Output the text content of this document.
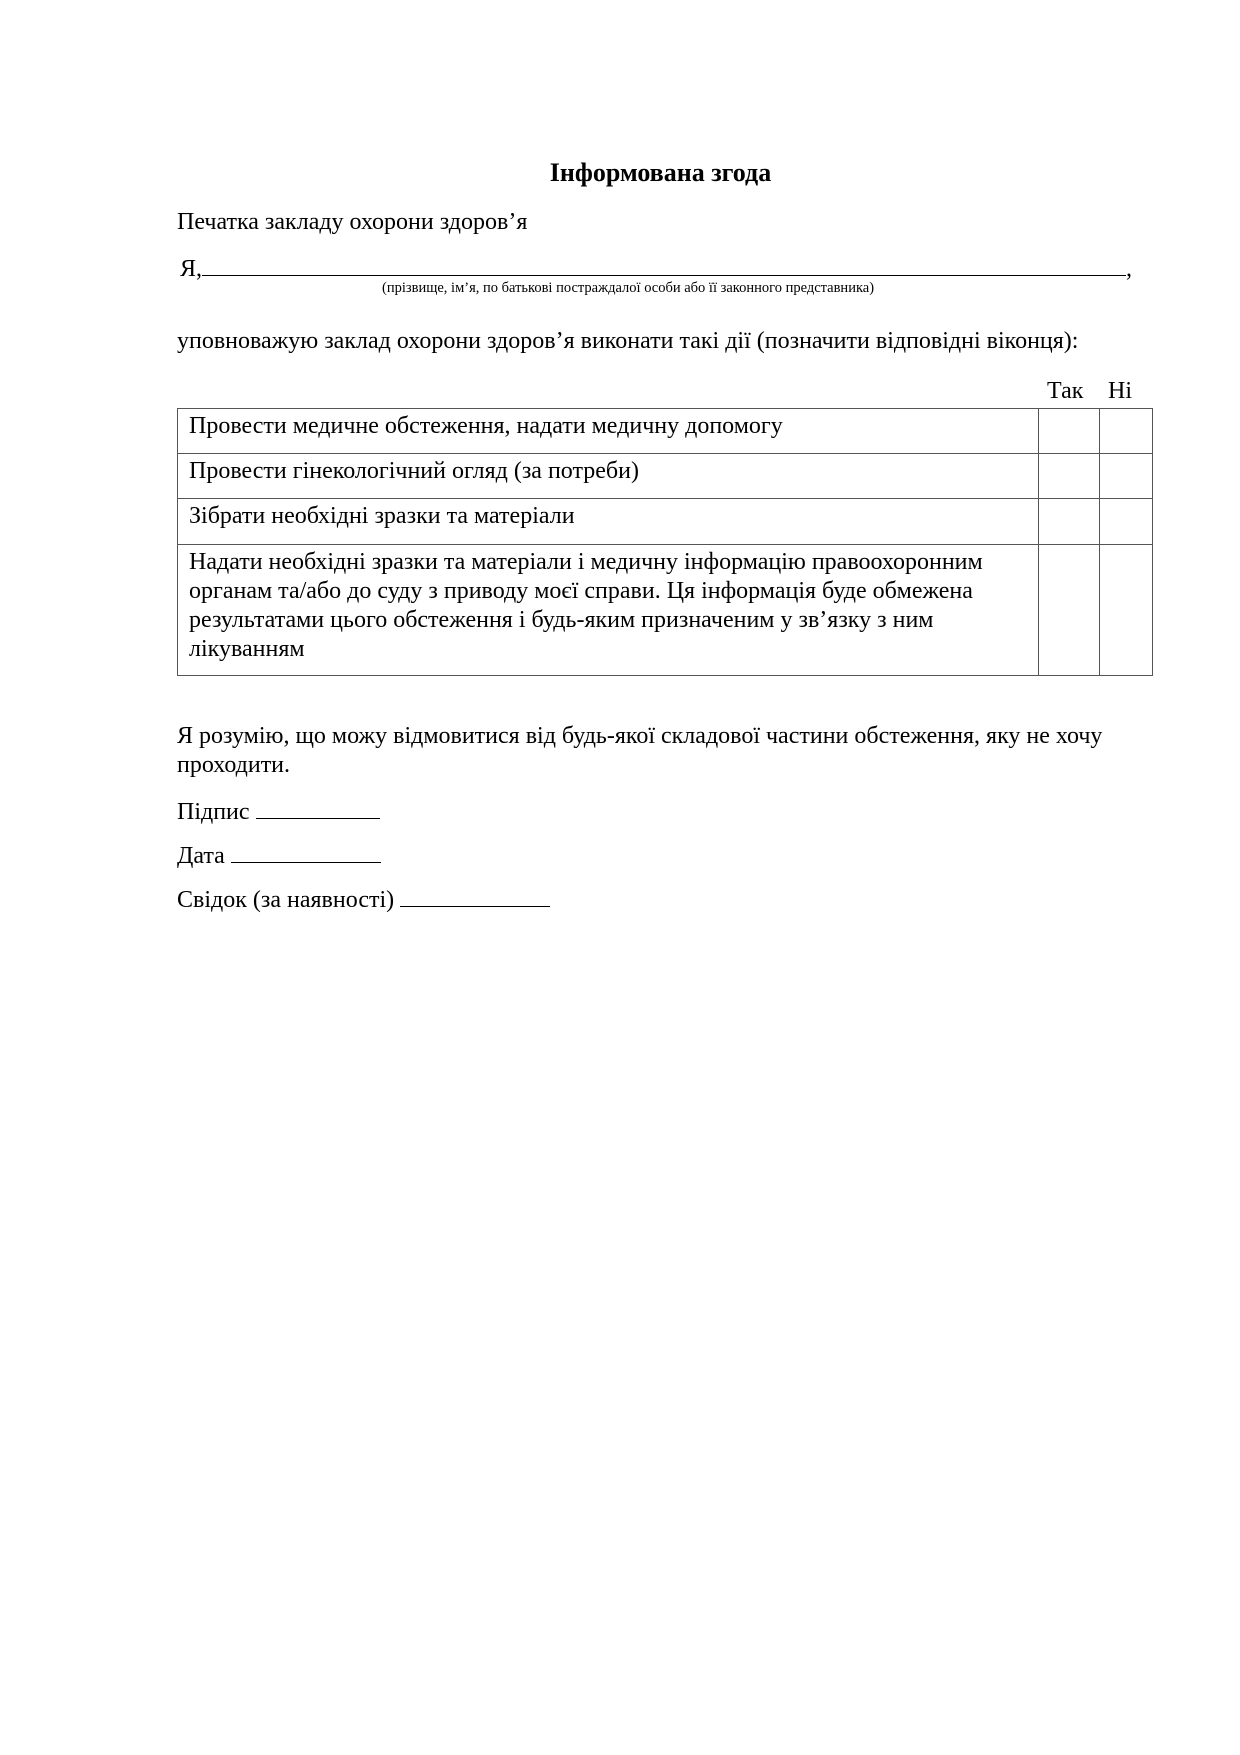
Інформована згода
Печатка закладу охорони здоров’я
Я,	,
(прізвище, ім’я, по батькові постраждалої особи або її законного представника)
уповноважую заклад охорони здоров’я виконати такі дії (позначити відповідні віконця):
Так Ні
Провести медичне обстеження, надати медичну допомогу		
Провести гінекологічний огляд (за потреби)		
Зібрати необхідні зразки та матеріали		
Надати необхідні зразки та матеріали і медичну інформацію правоохоронним органам та/або до суду з приводу моєї справи. Ця інформація буде обмежена результатами цього обстеження і будь-яким призначеним у зв’язку з ним лікуванням		
Я розумію, що можу відмовитися від будь-якої складової частини обстеження, яку не хочу
проходити.
Підпис
Дата
Свідок (за наявності)
